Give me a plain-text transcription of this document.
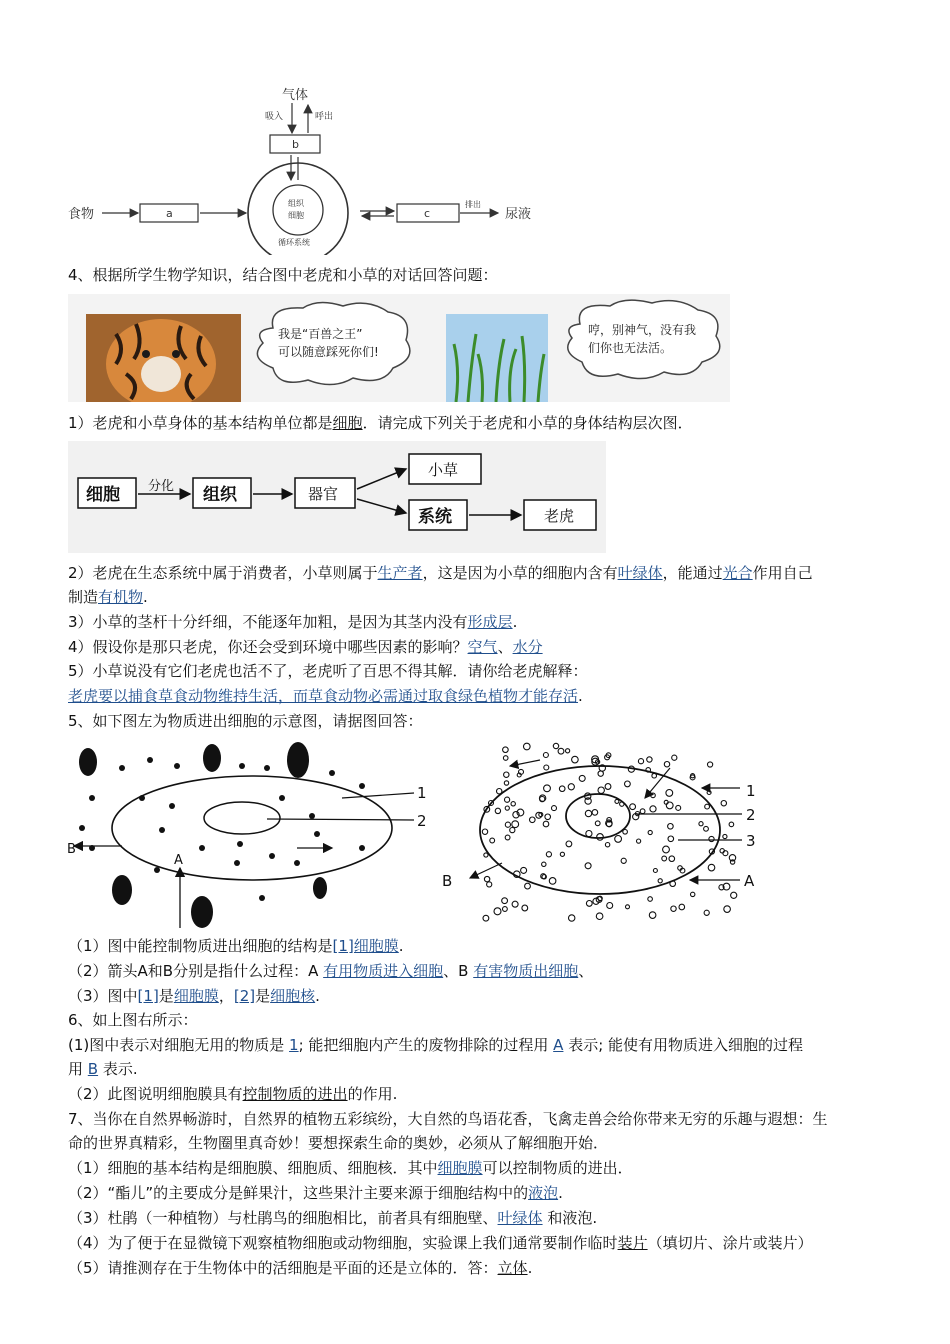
气体
吸入	呼出
b
组织
细胞
循环系统
食物	a	c
排出
尿液
4、根据所学生物学知识，结合图中老虎和小草的对话回答问题：
我是“百兽之王”
可以随意踩死你们!
哼，别神气，没有我
们你也无法活。
1）老虎和小草身体的基本结构单位都是细胞．请完成下列关于老虎和小草的身体结构层次图．
细胞 分化 组织	器官
小草
系统	老虎
2）老虎在生态系统中属于消费者，小草则属于生产者，这是因为小草的细胞内含有叶绿体，能通过光合作用自己
制造有机物.
3）小草的茎杆十分纤细，不能逐年加粗，是因为其茎内没有形成层.
4）假设你是那只老虎，你还会受到环境中哪些因素的影响？空气、水分
5）小草说没有它们老虎也活不了，老虎听了百思不得其解．请你给老虎解释：
老虎要以捕食草食动物维持生活，而草食动物必需通过取食绿色植物才能存活.
5、如下图左为物质进出细胞的示意图，请据图回答：
1
2
A
B
1
2
3
A
B
（1）图中能控制物质进出细胞的结构是[1]细胞膜.
（2）箭头A和B分别是指什么过程：A 有用物质进入细胞、B 有害物质出细胞、
（3）图中[1]是细胞膜，[2]是细胞核.
6、如上图右所示：
(1)图中表示对细胞无用的物质是 1; 能把细胞内产生的废物排除的过程用 A 表示; 能使有用物质进入细胞的过程
用 B 表示.
（2）此图说明细胞膜具有控制物质的进出的作用.
7、当你在自然界畅游时，自然界的植物五彩缤纷，大自然的鸟语花香，飞禽走兽会给你带来无穷的乐趣与遐想：生
命的世界真精彩，生物圈里真奇妙！要想探索生命的奥妙，必须从了解细胞开始．
（1）细胞的基本结构是细胞膜、细胞质、细胞核．其中细胞膜可以控制物质的进出．
（2）“酯儿”的主要成分是鲜果汁，这些果汁主要来源于细胞结构中的液泡.
（3）杜鹃（一种植物）与杜鹃鸟的细胞相比，前者具有细胞壁、叶绿体 和液泡.
（4）为了便于在显微镜下观察植物细胞或动物细胞，实验课上我们通常要制作临时装片（填切片、涂片或装片）
（5）请推测存在于生物体中的活细胞是平面的还是立体的．答：立体.
